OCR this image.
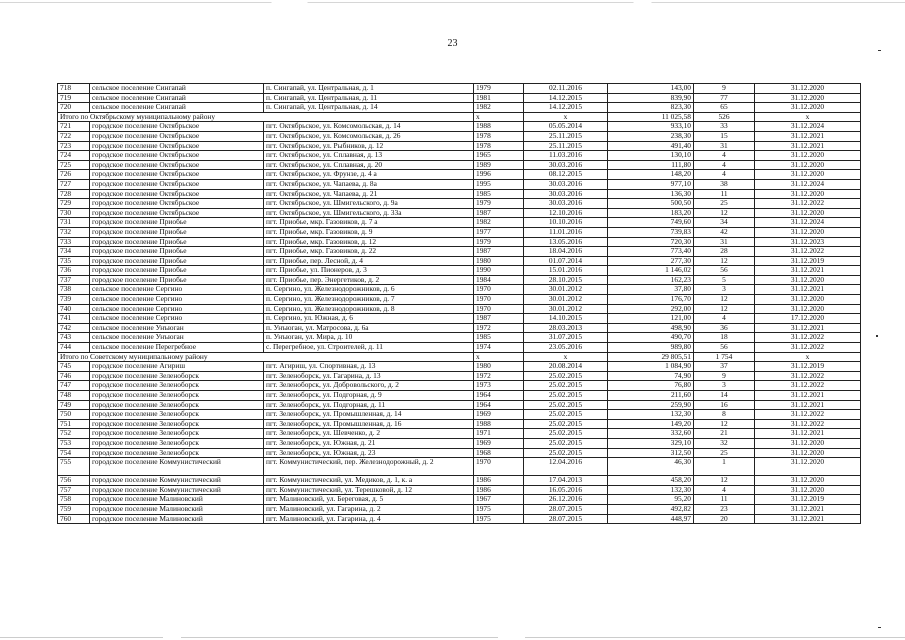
23
718	сельское поселение Сингапай	п. Сингапай, ул. Центральная, д. 1	1979	02.11.2016	143,00	9	31.12.2020
719	сельское поселение Сингапай	п. Сингапай, ул. Центральная, д. 11	1981	14.12.2015	839,90	77	31.12.2020
720	сельское поселение Сингапай	п. Сингапай, ул. Центральная, д. 14	1982	14.12.2015	823,30	65	31.12.2020
Итого по Октябрьскому муниципальному району			x	x	11 025,58	526	x
721	городское поселение Октябрьское	пгт. Октябрьское, ул. Комсомольская, д. 14	1988	05.05.2014	933,10	33	31.12.2024
722	городское поселение Октябрьское	пгт. Октябрьское, ул. Комсомольская, д. 26	1978	25.11.2015	238,30	15	31.12.2021
723	городское поселение Октябрьское	пгт. Октябрьское, ул. Рыбников, д. 12	1978	25.11.2015	491,40	31	31.12.2021
724	городское поселение Октябрьское	пгт. Октябрьское, ул. Сплавная, д. 13	1965	11.03.2016	130,10	4	31.12.2020
725	городское поселение Октябрьское	пгт. Октябрьское, ул. Сплавная, д. 20	1989	30.03.2016	111,80	4	31.12.2020
726	городское поселение Октябрьское	пгт. Октябрьское, ул. Фрунзе, д. 4 а	1996	08.12.2015	148,20	4	31.12.2020
727	городское поселение Октябрьское	пгт. Октябрьское, ул. Чапаева, д. 8а	1995	30.03.2016	977,10	38	31.12.2024
728	городское поселение Октябрьское	пгт. Октябрьское, ул. Чапаева, д. 21	1985	30.03.2016	136,30	11	31.12.2020
729	городское поселение Октябрьское	пгт. Октябрьское, ул. Шмигельского, д. 9а	1979	30.03.2016	500,50	25	31.12.2022
730	городское поселение Октябрьское	пгт. Октябрьское, ул. Шмигельского, д. 33а	1987	12.10.2016	183,20	12	31.12.2020
731	городское поселение Приобье	пгт. Приобье, мкр. Газовиков, д. 7 а	1982	10.10.2016	749,60	34	31.12.2024
732	городское поселение Приобье	пгт. Приобье, мкр. Газовиков, д. 9	1977	11.01.2016	739,83	42	31.12.2020
733	городское поселение Приобье	пгт. Приобье, мкр. Газовиков, д. 12	1979	13.05.2016	720,30	31	31.12.2023
734	городское поселение Приобье	пгт. Приобье, мкр. Газовиков, д. 22	1987	18.04.2016	773,40	28	31.12.2022
735	городское поселение Приобье	пгт. Приобье, пер. Лесной, д. 4	1980	01.07.2014	277,30	12	31.12.2019
736	городское поселение Приобье	пгт. Приобье, ул. Пионеров, д. 3	1990	15.01.2016	1 146,02	56	31.12.2021
737	городское поселение Приобье	пгт. Приобье, пер. Энергетиков, д. 2	1984	28.10.2015	162,23	5	31.12.2020
738	сельское поселение Сергино	п. Сергино, ул. Железнодорожников, д. 6	1970	30.01.2012	37,80	3	31.12.2021
739	сельское поселение Сергино	п. Сергино, ул. Железнодорожников, д. 7	1970	30.01.2012	176,70	12	31.12.2020
740	сельское поселение Сергино	п. Сергино, ул. Железнодорожников, д. 8	1970	30.01.2012	292,00	12	31.12.2020
741	сельское поселение Сергино	п. Сергино, ул. Южная, д. 6	1987	14.10.2015	121,00	4	17.12.2020
742	сельское поселение Унъюган	п. Унъюган, ул. Матросова, д. 6а	1972	28.03.2013	498,90	36	31.12.2021
743	сельское поселение Унъюган	п. Унъюган, ул. Мира, д. 10	1985	31.07.2015	490,70	18	31.12.2022
744	сельское поселение Перегребное	с. Перегребное, ул. Строителей, д. 11	1974	23.05.2016	989,80	56	31.12.2022
Итого по Советскому муниципальному району			x	x	29 805,51	1 754	x
745	городское поселение Агириш	пгт. Агириш, ул. Спортивная, д. 13	1980	20.08.2014	1 084,90	37	31.12.2019
746	городское поселение Зеленоборск	пгт. Зеленоборск, ул. Гагарина, д. 13	1972	25.02.2015	74,90	9	31.12.2022
747	городское поселение Зеленоборск	пгт. Зеленоборск, ул. Добровольского, д. 2	1973	25.02.2015	76,80	3	31.12.2022
748	городское поселение Зеленоборск	пгт. Зеленоборск, ул. Подгорная, д. 9	1964	25.02.2015	211,60	14	31.12.2021
749	городское поселение Зеленоборск	пгт. Зеленоборск, ул. Подгорная, д. 11	1964	25.02.2015	259,90	16	31.12.2021
750	городское поселение Зеленоборск	пгт. Зеленоборск, ул. Промышленная, д. 14	1969	25.02.2015	132,30	8	31.12.2022
751	городское поселение Зеленоборск	пгт. Зеленоборск, ул. Промышленная, д. 16	1988	25.02.2015	149,20	12	31.12.2022
752	городское поселение Зеленоборск	пгт. Зеленоборск, ул. Шевченко, д. 2	1971	25.02.2015	332,60	21	31.12.2021
753	городское поселение Зеленоборск	пгт. Зеленоборск, ул. Южная, д. 21	1969	25.02.2015	329,10	32	31.12.2020
754	городское поселение Зеленоборск	пгт. Зеленоборск, ул. Южная, д. 23	1968	25.02.2015	312,50	25	31.12.2020
755	городское поселение Коммунистический	пгт. Коммунистический, пер. Железнодорожный, д. 2	1970	12.04.2016	46,30	1	31.12.2020
756	городское поселение Коммунистический	пгт. Коммунистический, ул. Медиков, д. 1, к. а	1986	17.04.2013	458,20	12	31.12.2020
757	городское поселение Коммунистический	пгт. Коммунистический, ул. Терешковой, д. 12	1986	16.05.2016	132,30	4	31.12.2020
758	городское поселение Малиновский	пгт. Малиновский, ул. Береговая, д. 5	1967	26.12.2016	95,20	11	31.12.2019
759	городское поселение Малиновский	пгт. Малиновский, ул. Гагарина, д. 2	1975	28.07.2015	492,82	23	31.12.2021
760	городское поселение Малиновский	пгт. Малиновский, ул. Гагарина, д. 4	1975	28.07.2015	448,97	20	31.12.2021
